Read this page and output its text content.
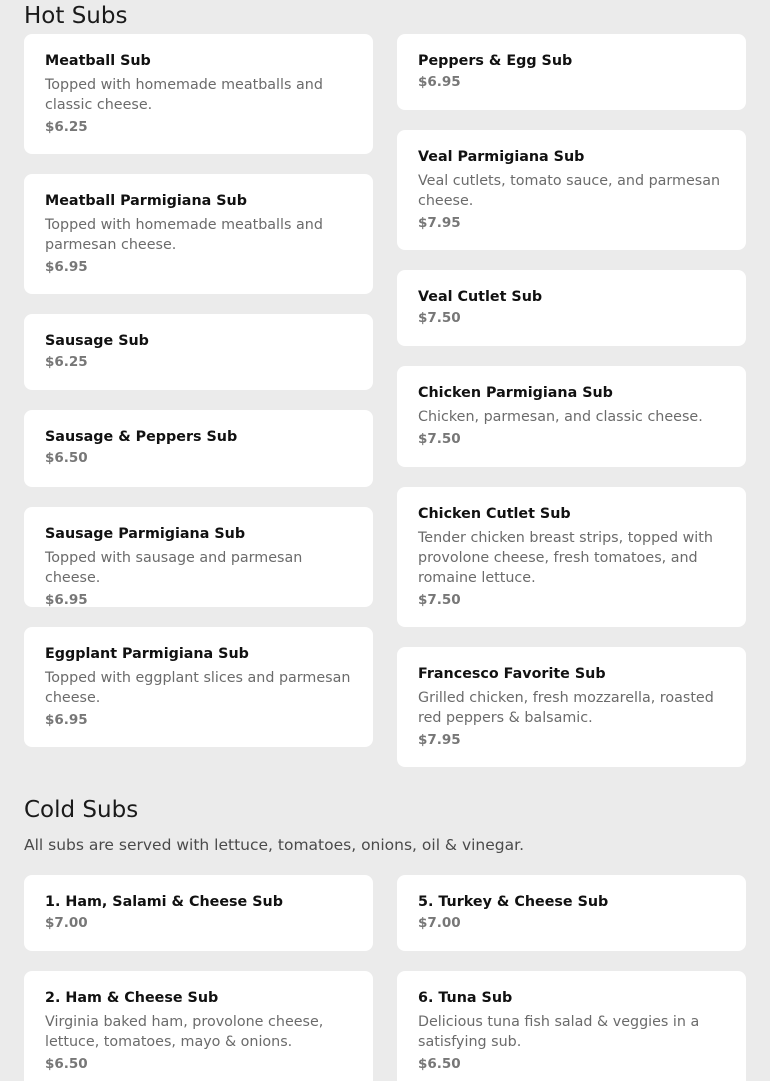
Hot Subs
Meatball Sub
Topped with homemade meatballs and classic cheese.
$6.25
Meatball Parmigiana Sub
Topped with homemade meatballs and parmesan cheese.
$6.95
Sausage Sub
$6.25
Sausage & Peppers Sub
$6.50
Sausage Parmigiana Sub
Topped with sausage and parmesan cheese.
$6.95
Eggplant Parmigiana Sub
Topped with eggplant slices and parmesan cheese.
$6.95
Peppers & Egg Sub
$6.95
Veal Parmigiana Sub
Veal cutlets, tomato sauce, and parmesan cheese.
$7.95
Veal Cutlet Sub
$7.50
Chicken Parmigiana Sub
Chicken, parmesan, and classic cheese.
$7.50
Chicken Cutlet Sub
Tender chicken breast strips, topped with provolone cheese, fresh tomatoes, and romaine lettuce.
$7.50
Francesco Favorite Sub
Grilled chicken, fresh mozzarella, roasted red peppers & balsamic.
$7.95
Cold Subs

All subs are served with lettuce, tomatoes, onions, oil & vinegar.

1. Ham, Salami & Cheese Sub
$7.00
2. Ham & Cheese Sub
Virginia baked ham, provolone cheese, lettuce, tomatoes, mayo & onions.
$6.50
5. Turkey & Cheese Sub
$7.00
6. Tuna Sub
Delicious tuna fish salad & veggies in a satisfying sub.
$6.50
